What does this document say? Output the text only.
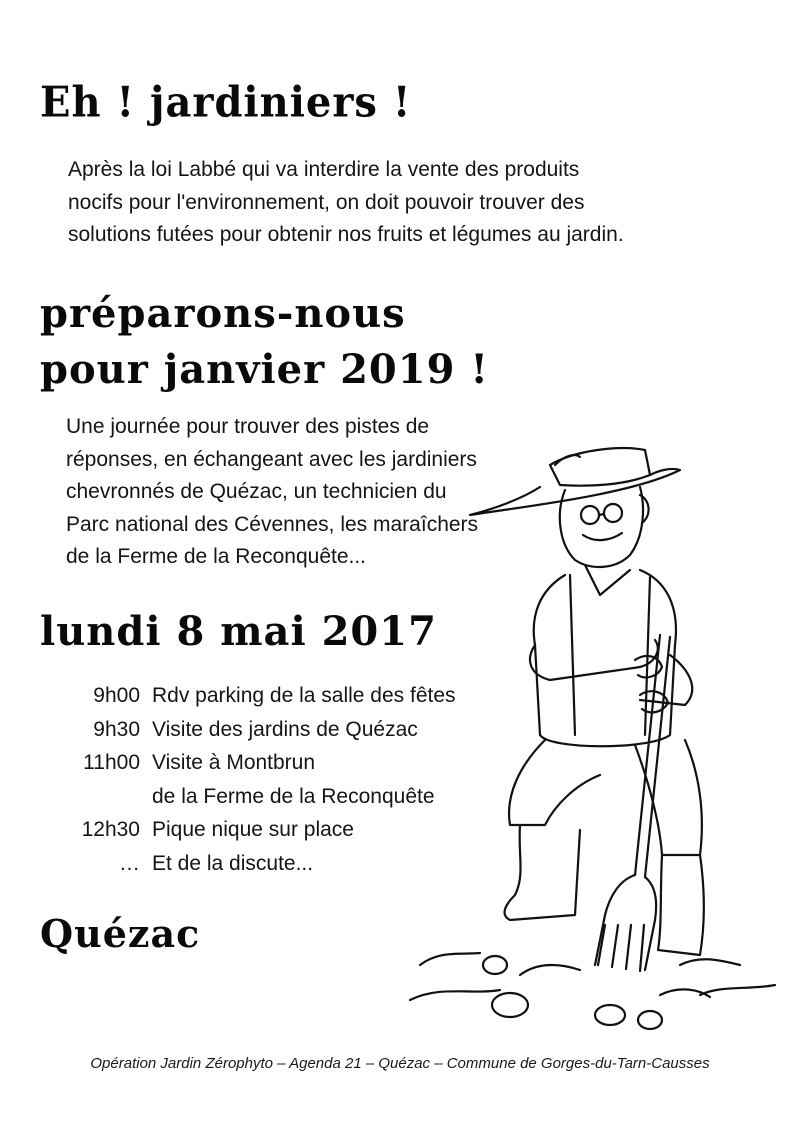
Eh ! jardiniers !
Après la loi Labbé qui va interdire la vente des produits
nocifs pour l'environnement, on doit pouvoir trouver des
solutions futées pour obtenir nos fruits et légumes au jardin.
préparons-nous
pour janvier 2019 !
Une journée pour trouver des pistes de
réponses, en échangeant avec les jardiniers
chevronnés de Quézac, un technicien du
Parc national des Cévennes, les maraîchers
de la Ferme de la Reconquête...
lundi 8 mai 2017
9h00 Rdv parking de la salle des fêtes
9h30 Visite des jardins de Quézac
11h00 Visite à Montbrun
de la Ferme de la Reconquête
12h30 Pique nique sur place
… Et de la discute...
Quézac

Opération Jardin Zérophyto – Agenda 21 – Quézac – Commune de Gorges-du-Tarn-Causses
